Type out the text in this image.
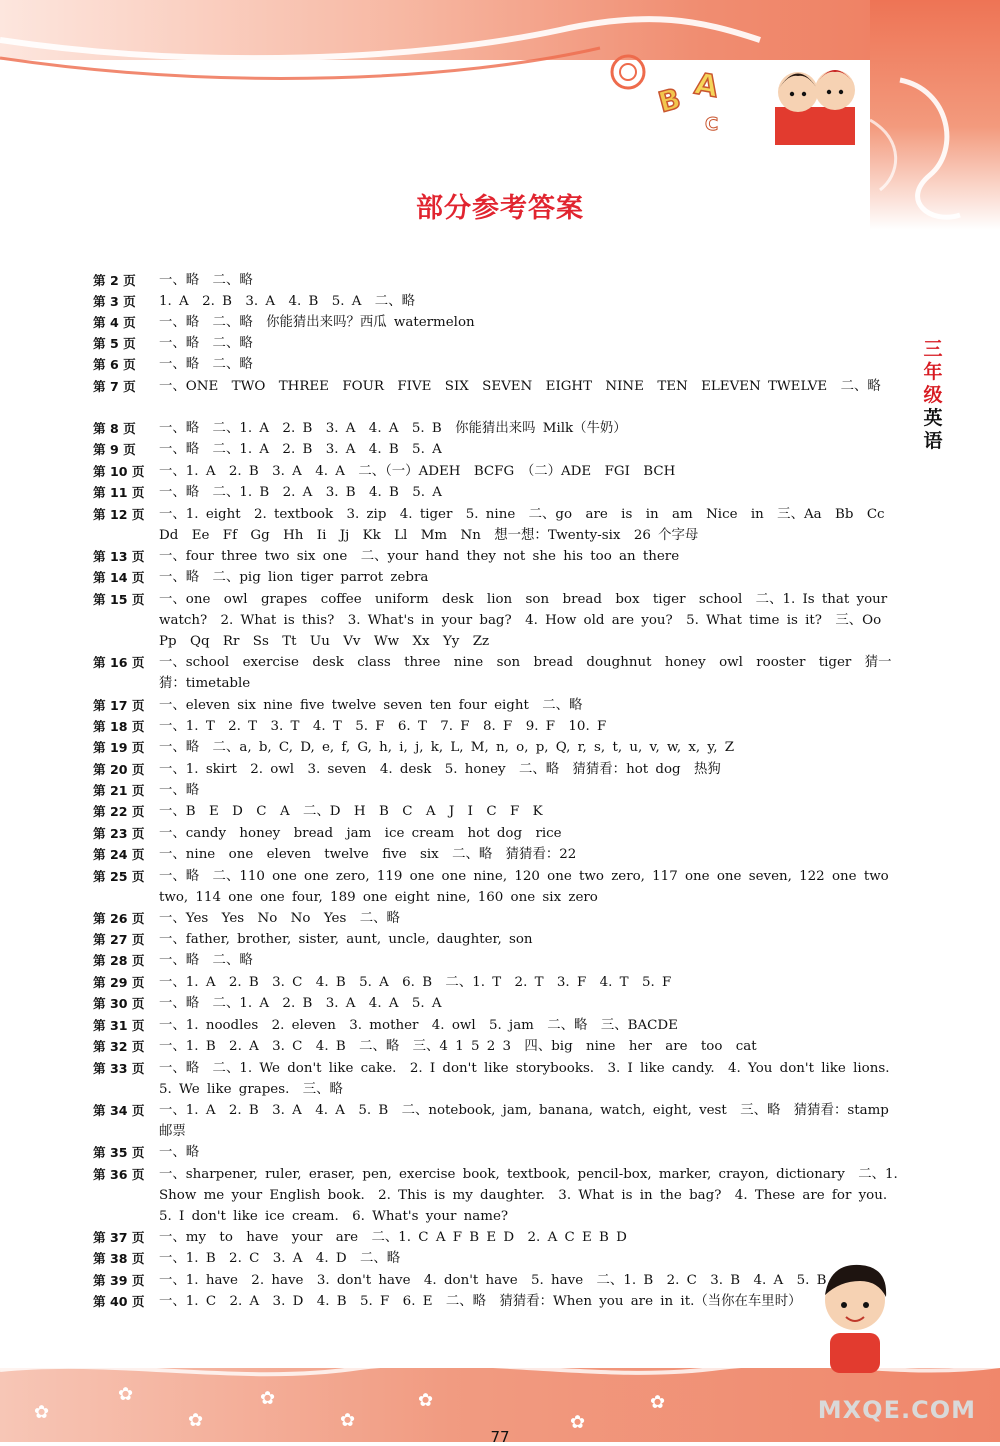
B A
C
部分参考答案
三年级
英语
第 2 页	一、略　二、略
第 3 页	1. A　2. B　3. A　4. B　5. A　二、略
第 4 页	一、略　二、略　你能猜出来吗？西瓜 watermelon
第 5 页	一、略　二、略
第 6 页	一、略　二、略
第 7 页	一、ONE　TWO　THREE　FOUR　FIVE　SIX　SEVEN　EIGHT　NINE　TEN　ELEVEN TWELVE　二、略
第 8 页	一、略　二、1. A　2. B　3. A　4. A　5. B　你能猜出来吗 Milk（牛奶）
第 9 页	一、略　二、1. A　2. B　3. A　4. B　5. A
第 10 页	一、1. A　2. B　3. A　4. A　二、（一）ADEH　BCFG　（二）ADE　FGI　BCH
第 11 页	一、略　二、1. B　2. A　3. B　4. B　5. A
第 12 页	一、1. eight　2. textbook　3. zip　4. tiger　5. nine　二、go　are　is　in　am　Nice　in　三、Aa　Bb　Cc　Dd　Ee　Ff　Gg　Hh　Ii　Jj　Kk　Ll　Mm　Nn　想一想：Twenty-six　26 个字母
第 13 页	一、four three two six one　二、your hand they not she his too an there
第 14 页	一、略　二、pig lion tiger parrot zebra
第 15 页	一、one　owl　grapes　coffee　uniform　desk　lion　son　bread　box　tiger　school　二、1. Is that your watch?　2. What is this?　3. What's in your bag?　4. How old are you?　5. What time is it?　三、Oo　Pp　Qq　Rr　Ss　Tt　Uu　Vv　Ww　Xx　Yy　Zz
第 16 页	一、school　exercise　desk　class　three　nine　son　bread　doughnut　honey　owl　rooster　tiger　猜一猜：timetable
第 17 页	一、eleven six nine five twelve seven ten four eight　二、略
第 18 页	一、1. T　2. T　3. T　4. T　5. F　6. T　7. F　8. F　9. F　10. F
第 19 页	一、略　二、a, b, C, D, e, f, G, h, i, j, k, L, M, n, o, p, Q, r, s, t, u, v, w, x, y, Z
第 20 页	一、1. skirt　2. owl　3. seven　4. desk　5. honey　二、略　猜猜看：hot dog　热狗
第 21 页	一、略
第 22 页	一、B　E　D　C　A　二、D　H　B　C　A　J　I　C　F　K
第 23 页	一、candy　honey　bread　jam　ice cream　hot dog　rice
第 24 页	一、nine　one　eleven　twelve　five　six　二、略　猜猜看：22
第 25 页	一、略　二、110 one one zero, 119 one one nine, 120 one two zero, 117 one one seven, 122 one two two, 114 one one four, 189 one eight nine, 160 one six zero
第 26 页	一、Yes　Yes　No　No　Yes　二、略
第 27 页	一、father, brother, sister, aunt, uncle, daughter, son
第 28 页	一、略　二、略
第 29 页	一、1. A　2. B　3. C　4. B　5. A　6. B　二、1. T　2. T　3. F　4. T　5. F
第 30 页	一、略　二、1. A　2. B　3. A　4. A　5. A
第 31 页	一、1. noodles　2. eleven　3. mother　4. owl　5. jam　二、略　三、BACDE
第 32 页	一、1. B　2. A　3. C　4. B　二、略　三、4 1 5 2 3　四、big　nine　her　are　too　cat
第 33 页	一、略　二、1. We don't like cake.　2. I don't like storybooks.　3. I like candy.　4. You don't like lions.　5. We like grapes.　三、略
第 34 页	一、1. A　2. B　3. A　4. A　5. B　二、notebook, jam, banana, watch, eight, vest　三、略　猜猜看：stamp 邮票
第 35 页	一、略
第 36 页	一、sharpener, ruler, eraser, pen, exercise book, textbook, pencil-box, marker, crayon, dictionary　二、1. Show me your English book.　2. This is my daughter.　3. What is in the bag?　4. These are for you.　5. I don't like ice cream.　6. What's your name?
第 37 页	一、my　to　have　your　are　二、1. C A F B E D　2. A C E B D
第 38 页	一、1. B　2. C　3. A　4. D　二、略
第 39 页	一、1. have　2. have　3. don't have　4. don't have　5. have　二、1. B　2. C　3. B　4. A　5. B
第 40 页	一、1. C　2. A　3. D　4. B　5. F　6. E　二、略　猜猜看：When you are in it.（当你在车里时）
✿
✿
✿
✿
✿
✿
✿
✿
77
MXQE.COM
